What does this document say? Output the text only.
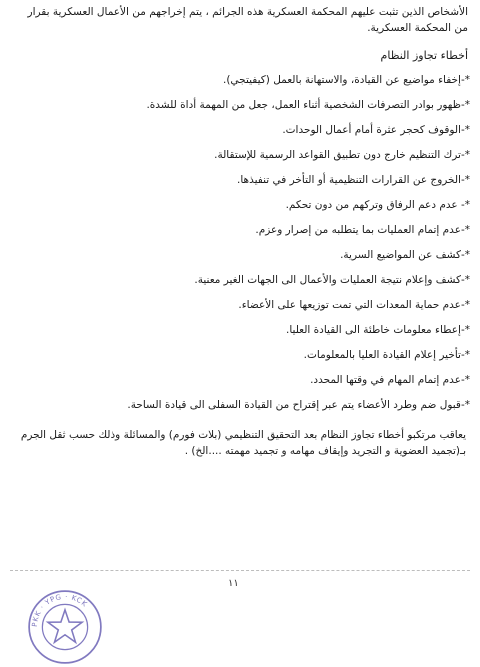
الأشخاص الذين تثبت عليهم المحكمة العسكرية هذه الجرائم ، يتم إخراجهم من الأعمال العسكرية بقرار من المحكمة العسكرية.
أخطاء تجاوز النظام
*-إخفاء مواضيع عن القيادة، والاستهانة بالعمل (كيفيتجي).
*-ظهور بوادر التصرفات الشخصية أثناء العمل، جعل من المهمة أداة للشدة.
*-الوقوف كحجر عثرة أمام أعمال الوحدات.
*-ترك التنظيم خارج دون تطبيق القواعد الرسمية للإستقالة.
*-الخروج عن القرارات التنظيمية أو التأخر في تنفيذها.
*- عدم دعم الرفاق وتركهم من دون تحكم.
*-عدم إتمام العمليات بما يتطلبه من إصرار وعزم.
*-كشف عن المواضيع السرية.
*-كشف وإعلام نتيجة العمليات والأعمال الى الجهات الغير معنية.
*-عدم حماية المعدات التي تمت توزيعها على الأعضاء.
*-إعطاء معلومات خاطئة الى القيادة العليا.
*-تأخير إعلام القيادة العليا بالمعلومات.
*-عدم إتمام المهام في وقتها المحدد.
*-قبول ضم وطرد الأعضاء يتم عبر إقتراح من القيادة السفلى الى قيادة الساحة.
يعاقب مرتكبو أخطاء تجاوز النظام بعد التحقيق التنظيمي (بلات فورم) والمسائلة وذلك حسب ثقل الجرم بـ(تجميد العضوية و التجريد وإيقاف مهامه و تجميد مهمته ....الخ) .
١١
PKK · YPG · KCK
